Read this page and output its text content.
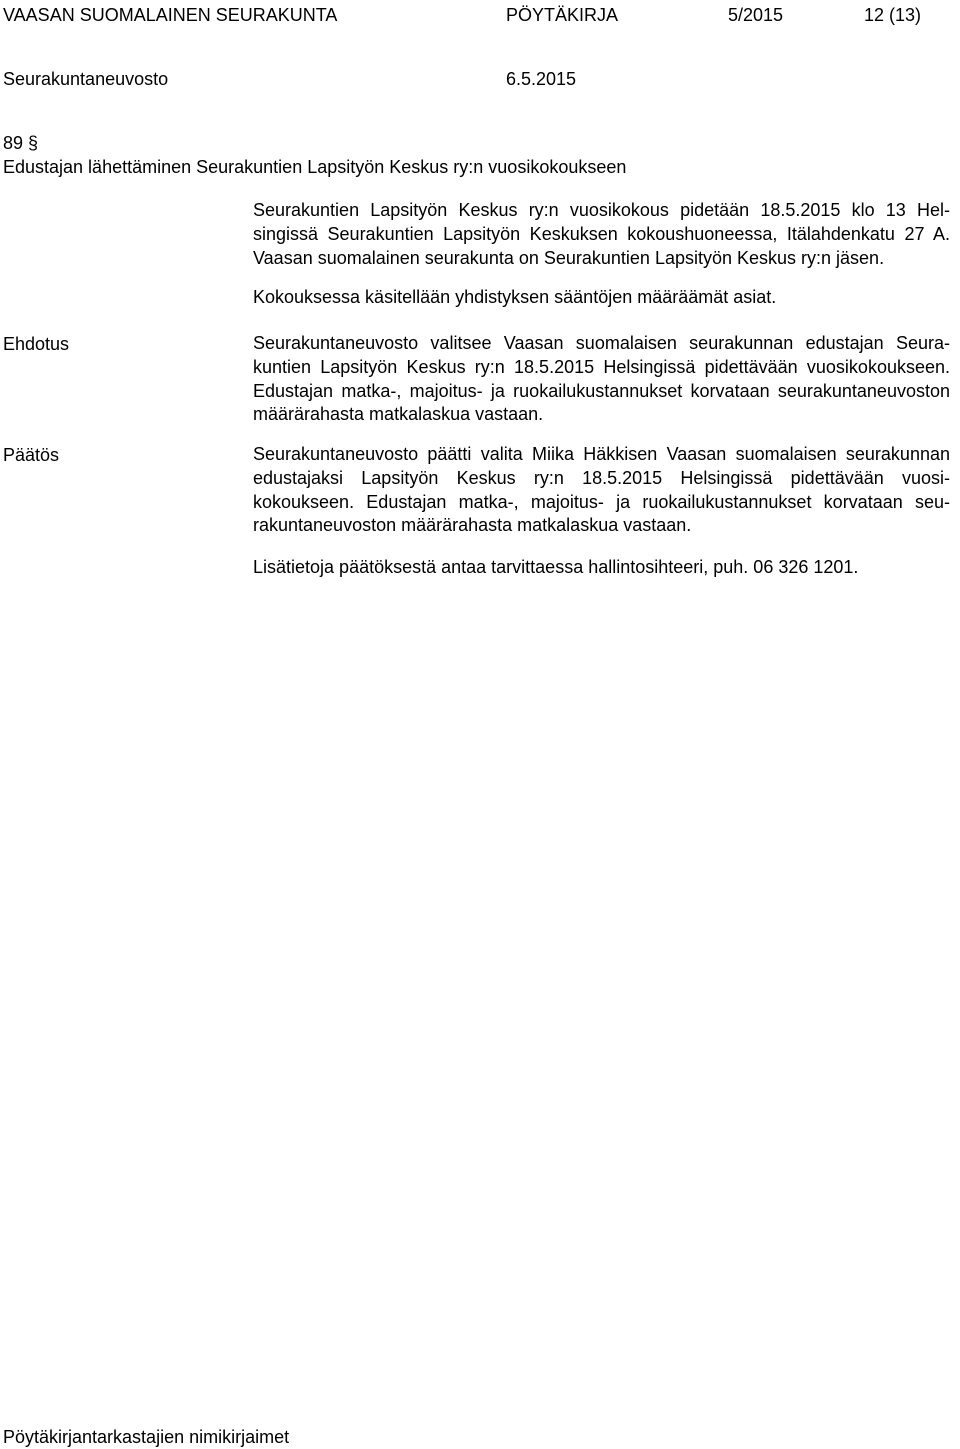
VAASAN SUOMALAINEN SEURAKUNTA	PÖYTÄKIRJA	5/2015	12 (13)
Seurakuntaneuvosto	6.5.2015
89 §
Edustajan lähettäminen Seurakuntien Lapsityön Keskus ry:n vuosikokoukseen
Seurakuntien Lapsityön Keskus ry:n vuosikokous pidetään 18.5.2015 klo 13 Helsingissä Seurakuntien Lapsityön Keskuksen kokoushuoneessa, Itälahdenkatu 27 A. Vaasan suomalainen seurakunta on Seurakuntien Lapsityön Keskus ry:n jäsen.
Kokouksessa käsitellään yhdistyksen sääntöjen määräämät asiat.
Ehdotus	Seurakuntaneuvosto valitsee Vaasan suomalaisen seurakunnan edustajan Seurakuntien Lapsityön Keskus ry:n 18.5.2015 Helsingissä pidettävään vuosikokoukseen. Edustajan matka-, majoitus- ja ruokailukustannukset korvataan seurakuntaneuvoston määrärahasta matkalaskua vastaan.
Päätös	Seurakuntaneuvosto päätti valita Miika Häkkisen Vaasan suomalaisen seurakunnan edustajaksi Lapsityön Keskus ry:n 18.5.2015 Helsingissä pidettävään vuosikokoukseen. Edustajan matka-, majoitus- ja ruokailukustannukset korvataan seurakuntaneuvoston määrärahasta matkalaskua vastaan.
Lisätietoja päätöksestä antaa tarvittaessa hallintosihteeri, puh. 06 326 1201.
Pöytäkirjantarkastajien nimikirjaimet
